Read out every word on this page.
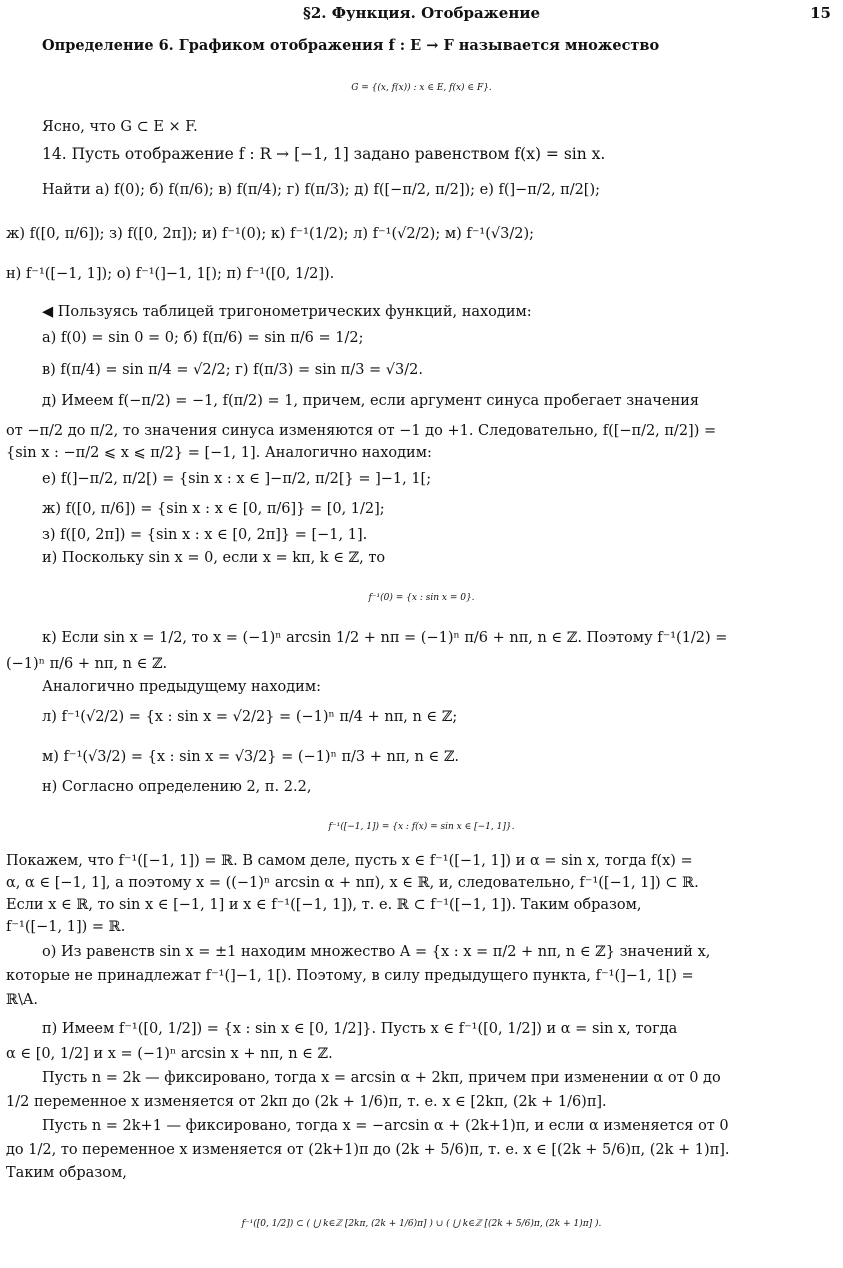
§2. Функция. Отображение	15
Определение 6. Графиком отображения f : E → F называется множество
G = {(x, f(x)) : x ∈ E, f(x) ∈ F}.
Ясно, что G ⊂ E × F.
14. Пусть отображение f : R → [−1, 1] задано равенством f(x) = sin x.
Найти а) f(0); б) f(π/6); в) f(π/4); г) f(π/3); д) f([−π/2, π/2]); е) f(]−π/2, π/2[);
ж) f([0, π/6]); з) f([0, 2π]); и) f⁻¹(0); к) f⁻¹(1/2); л) f⁻¹(√2/2); м) f⁻¹(√3/2);
н) f⁻¹([−1, 1]); о) f⁻¹(]−1, 1[); п) f⁻¹([0, 1/2]).
◀ Пользуясь таблицей тригонометрических функций, находим:
а) f(0) = sin 0 = 0; б) f(π/6) = sin π/6 = 1/2;
в) f(π/4) = sin π/4 = √2/2; г) f(π/3) = sin π/3 = √3/2.
д) Имеем f(−π/2) = −1, f(π/2) = 1, причем, если аргумент синуса пробегает значения
от −π/2 до π/2, то значения синуса изменяются от −1 до +1. Следовательно, f([−π/2, π/2]) =
{sin x : −π/2 ⩽ x ⩽ π/2} = [−1, 1]. Аналогично находим:
е) f(]−π/2, π/2[) = {sin x : x ∈ ]−π/2, π/2[} = ]−1, 1[;
ж) f([0, π/6]) = {sin x : x ∈ [0, π/6]} = [0, 1/2];
з) f([0, 2π]) = {sin x : x ∈ [0, 2π]} = [−1, 1].
и) Поскольку sin x = 0, если x = kπ, k ∈ ℤ, то
f⁻¹(0) = {x : sin x = 0}.
к) Если sin x = 1/2, то x = (−1)ⁿ arcsin 1/2 + nπ = (−1)ⁿ π/6 + nπ, n ∈ ℤ. Поэтому f⁻¹(1/2) =
(−1)ⁿ π/6 + nπ, n ∈ ℤ.
Аналогично предыдущему находим:
л) f⁻¹(√2/2) = {x : sin x = √2/2} = (−1)ⁿ π/4 + nπ, n ∈ ℤ;
м) f⁻¹(√3/2) = {x : sin x = √3/2} = (−1)ⁿ π/3 + nπ, n ∈ ℤ.
н) Согласно определению 2, п. 2.2,
f⁻¹([−1, 1]) = {x : f(x) = sin x ∈ [−1, 1]}.
Покажем, что f⁻¹([−1, 1]) = ℝ. В самом деле, пусть x ∈ f⁻¹([−1, 1]) и α = sin x, тогда f(x) =
α, α ∈ [−1, 1], а поэтому x = ((−1)ⁿ arcsin α + nπ), x ∈ ℝ, и, следовательно, f⁻¹([−1, 1]) ⊂ ℝ.
Если x ∈ ℝ, то sin x ∈ [−1, 1] и x ∈ f⁻¹([−1, 1]), т. е. ℝ ⊂ f⁻¹([−1, 1]). Таким образом,
f⁻¹([−1, 1]) = ℝ.
о) Из равенств sin x = ±1 находим множество A = {x : x = π/2 + nπ, n ∈ ℤ} значений x,
которые не принадлежат f⁻¹(]−1, 1[). Поэтому, в силу предыдущего пункта, f⁻¹(]−1, 1[) =
ℝ\A.
п) Имеем f⁻¹([0, 1/2]) = {x : sin x ∈ [0, 1/2]}. Пусть x ∈ f⁻¹([0, 1/2]) и α = sin x, тогда
α ∈ [0, 1/2] и x = (−1)ⁿ arcsin x + nπ, n ∈ ℤ.
Пусть n = 2k — фиксировано, тогда x = arcsin α + 2kπ, причем при изменении α от 0 до
1/2 переменное x изменяется от 2kπ до (2k + 1/6)π, т. е. x ∈ [2kπ, (2k + 1/6)π].
Пусть n = 2k+1 — фиксировано, тогда x = −arcsin α + (2k+1)π, и если α изменяется от 0
до 1/2, то переменное x изменяется от (2k+1)π до (2k + 5/6)π, т. е. x ∈ [(2k + 5/6)π, (2k + 1)π].
Таким образом,
f⁻¹([0, 1/2]) ⊂ ( ⋃ k∈ℤ [2kπ, (2k + 1/6)π] ) ∪ ( ⋃ k∈ℤ [(2k + 5/6)π, (2k + 1)π] ).
